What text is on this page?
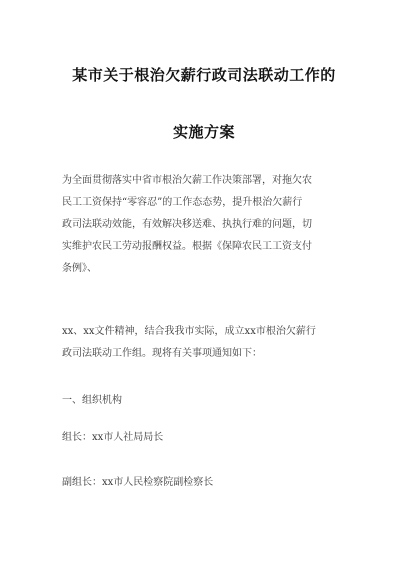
某市关于根治欠薪行政司法联动工作的
实施方案
为全面贯彻落实中省市根治欠薪工作决策部署，对拖欠农
民工工资保持“零容忍”的工作态态势，提升根治欠薪行
政司法联动效能，有效解决移送难、执执行难的问题，切
实维护农民工劳动报酬权益。根据《保障农民工工资支付
条例》、
xx、xx文件精神，结合我我市实际，成立xx市根治欠薪行
政司法联动工作组。现将有关事项通知如下：
一、组织机构
组长：xx市人社局局长
副组长：xx市人民检察院副检察长
